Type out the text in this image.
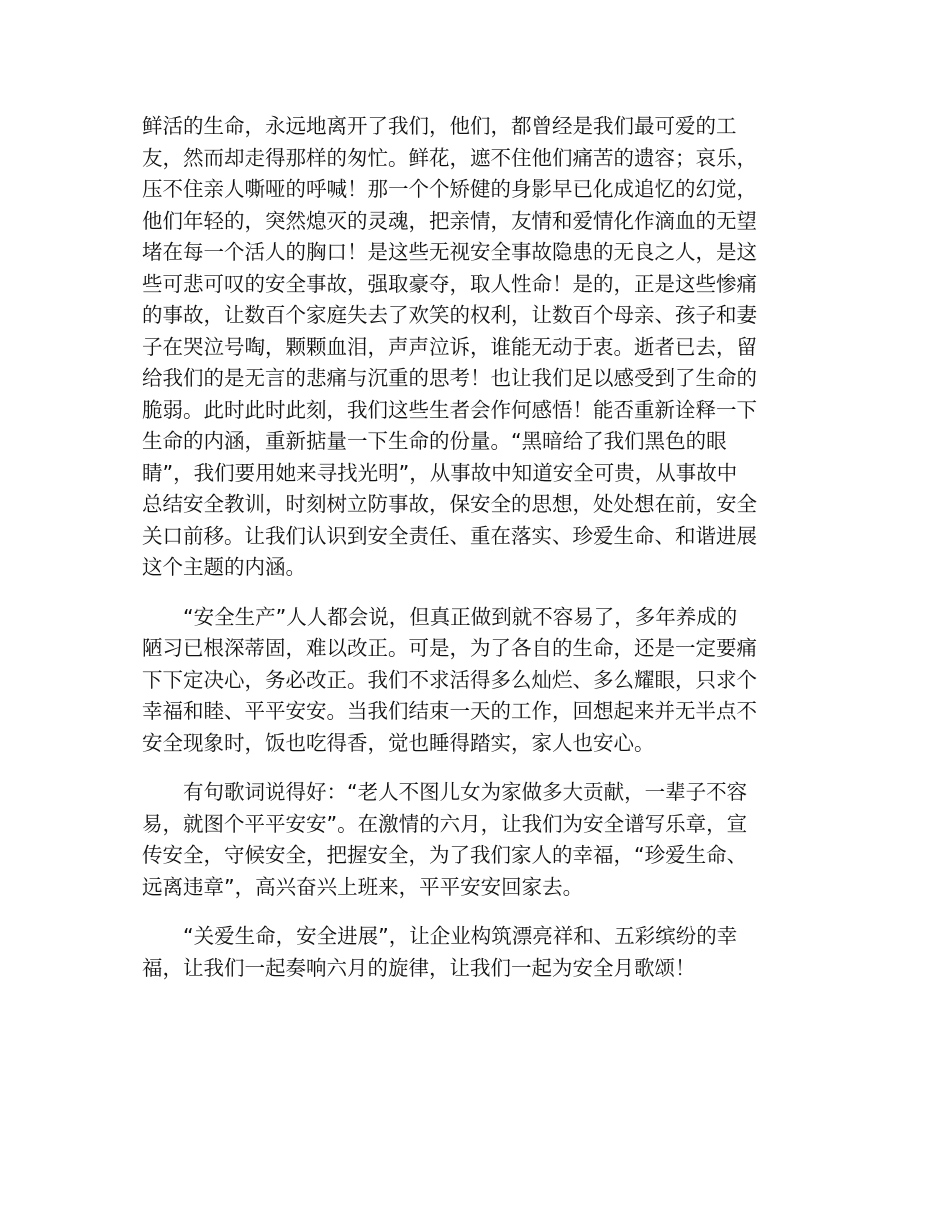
鲜活的生命，永远地离开了我们，他们，都曾经是我们最可爱的工
友，然而却走得那样的匆忙。鲜花，遮不住他们痛苦的遗容；哀乐，
压不住亲人嘶哑的呼喊！那一个个矫健的身影早已化成追忆的幻觉，
他们年轻的，突然熄灭的灵魂，把亲情，友情和爱情化作滴血的无望
堵在每一个活人的胸口！是这些无视安全事故隐患的无良之人，是这
些可悲可叹的安全事故，强取豪夺，取人性命！是的，正是这些惨痛
的事故，让数百个家庭失去了欢笑的权利，让数百个母亲、孩子和妻
子在哭泣号啕，颗颗血泪，声声泣诉，谁能无动于衷。逝者已去，留
给我们的是无言的悲痛与沉重的思考！也让我们足以感受到了生命的
脆弱。此时此时此刻，我们这些生者会作何感悟！能否重新诠释一下
生命的内涵，重新掂量一下生命的份量。“黑暗给了我们黑色的眼
睛”，我们要用她来寻找光明”，从事故中知道安全可贵，从事故中
总结安全教训，时刻树立防事故，保安全的思想，处处想在前，安全
关口前移。让我们认识到安全责任、重在落实、珍爱生命、和谐进展
这个主题的内涵。
“安全生产”人人都会说，但真正做到就不容易了，多年养成的
陋习已根深蒂固，难以改正。可是，为了各自的生命，还是一定要痛
下下定决心，务必改正。我们不求活得多么灿烂、多么耀眼，只求个
幸福和睦、平平安安。当我们结束一天的工作，回想起来并无半点不
安全现象时，饭也吃得香，觉也睡得踏实，家人也安心。
有句歌词说得好：“老人不图儿女为家做多大贡献，一辈子不容
易，就图个平平安安”。在激情的六月，让我们为安全谱写乐章，宣
传安全，守候安全，把握安全，为了我们家人的幸福，“珍爱生命、
远离违章”，高兴奋兴上班来，平平安安回家去。
“关爱生命，安全进展”，让企业构筑漂亮祥和、五彩缤纷的幸
福，让我们一起奏响六月的旋律，让我们一起为安全月歌颂！
